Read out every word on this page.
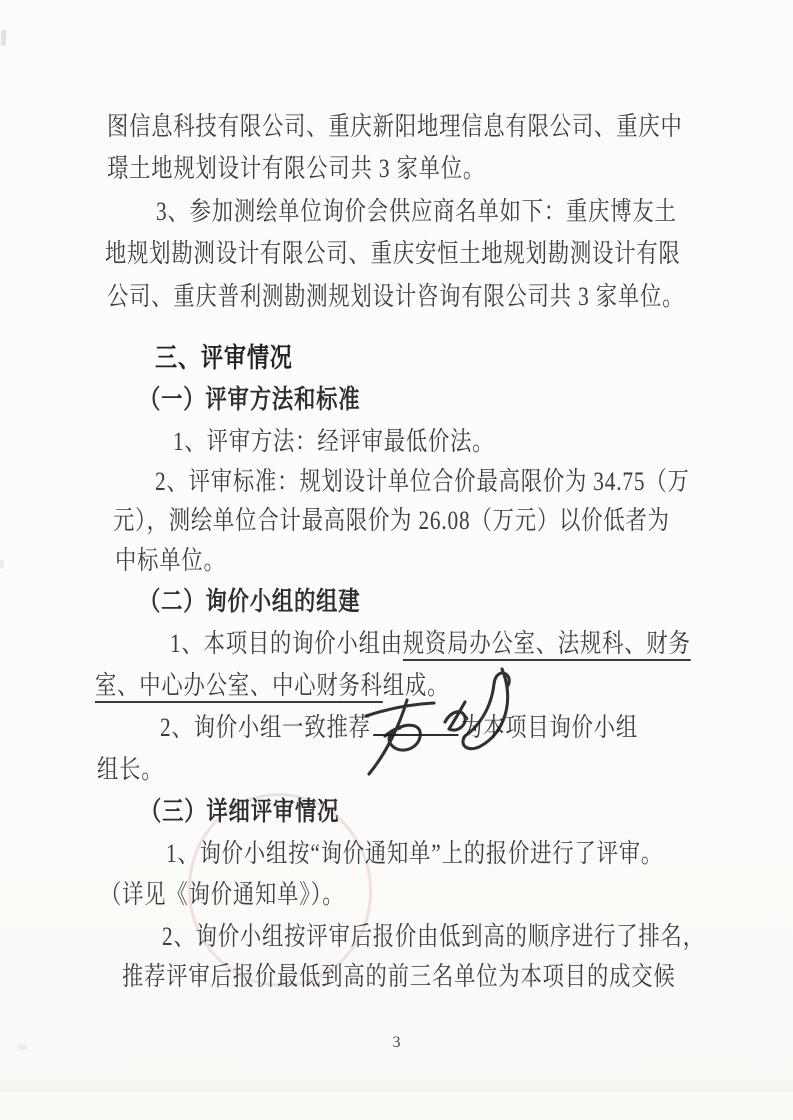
图信息科技有限公司、重庆新阳地理信息有限公司、重庆中
璟土地规划设计有限公司共 3 家单位。
3、参加测绘单位询价会供应商名单如下：重庆博友土
地规划勘测设计有限公司、重庆安恒土地规划勘测设计有限
公司、重庆普利测勘测规划设计咨询有限公司共 3 家单位。
三、评审情况
（一）评审方法和标准
1、评审方法：经评审最低价法。
2、评审标准：规划设计单位合价最高限价为 34.75（万
元），测绘单位合计最高限价为 26.08（万元）以价低者为
中标单位。
（二）询价小组的组建
1、本项目的询价小组由规资局办公室、法规科、财务
室、中心办公室、中心财务科组成。
2、询价小组一致推荐	为本项目询价小组
组长。
（三）详细评审情况
1、询价小组按“询价通知单”上的报价进行了评审。
（详见《询价通知单》）。
2、询价小组按评审后报价由低到高的顺序进行了排名，
推荐评审后报价最低到高的前三名单位为本项目的成交候
3
